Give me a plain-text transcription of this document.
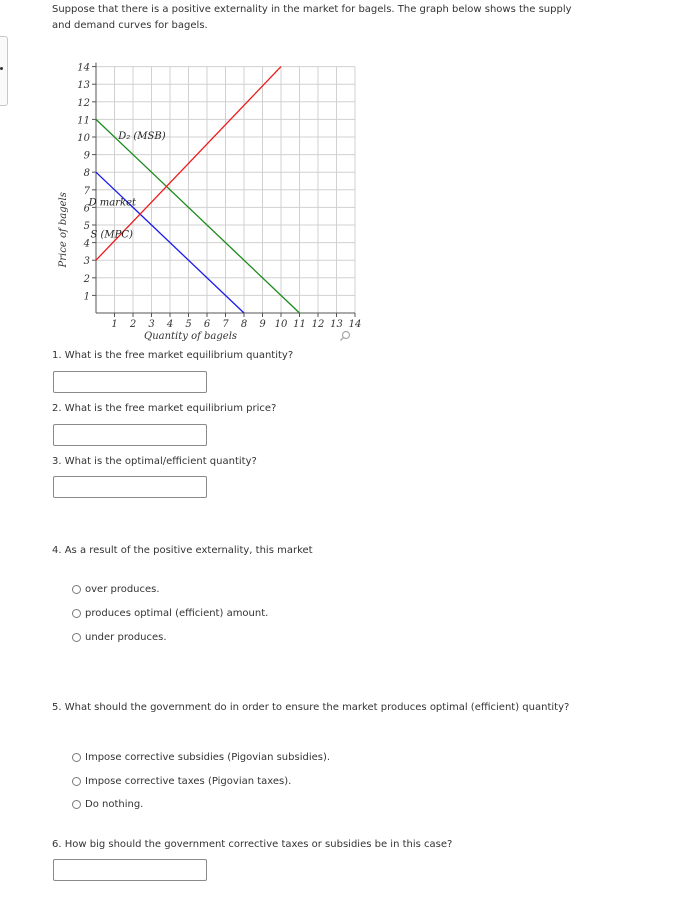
Suppose that there is a positive externality in the market for bagels. The graph below shows the supply and demand curves for bagels.
1
2
3
4
5
6
7
8
9
10
11
12
13
14
1 2 3 4 5 6 7 8 9 10 11 12 13 14
Quantity of bagels
Price of bagels
D₂ (MSB)
D market
S (MPC)
1. What is the free market equilibrium quantity?
2. What is the free market equilibrium price?
3. What is the optimal/efficient quantity?
4. As a result of the positive externality, this market
over produces.
produces optimal (efficient) amount.
under produces.
5. What should the government do in order to ensure the market produces optimal (efficient) quantity?
Impose corrective subsidies (Pigovian subsidies).
Impose corrective taxes (Pigovian taxes).
Do nothing.
6. How big should the government corrective taxes or subsidies be in this case?
